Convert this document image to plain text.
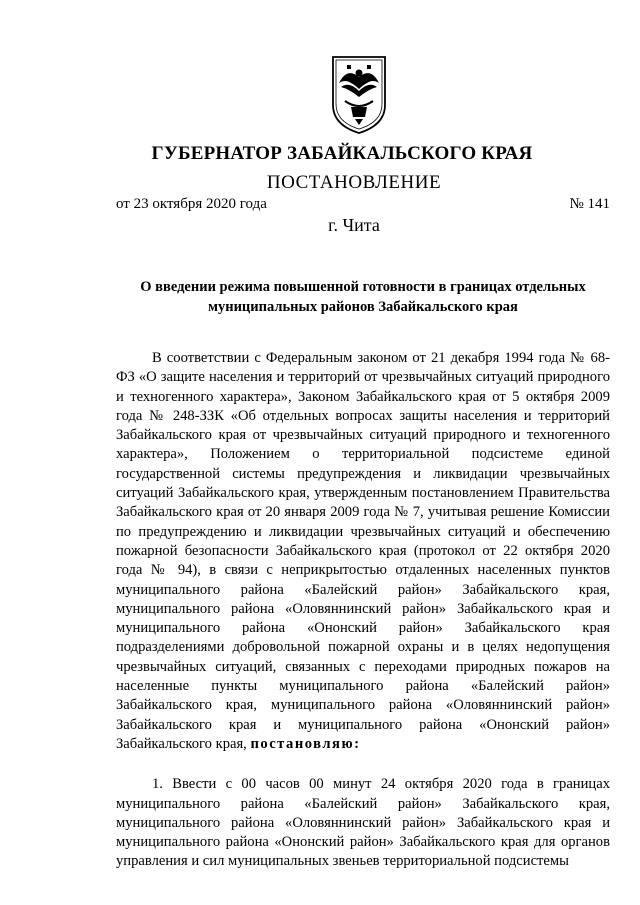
ГУБЕРНАТОР ЗАБАЙКАЛЬСКОГО КРАЯ
ПОСТАНОВЛЕНИЕ
от 23 октября 2020 года	№ 141
г. Чита
О введении режима повышенной готовности в границах отдельных
муниципальных районов Забайкальского края

В соответствии с Федеральным законом от 21 декабря 1994 года № 68-ФЗ «О защите населения и территорий от чрезвычайных ситуаций природного и техногенного характера», Законом Забайкальского края от 5 октября 2009 года № 248-ЗЗК «Об отдельных вопросах защиты населения и территорий Забайкальского края от чрезвычайных ситуаций природного и техногенного характера», Положением о территориальной подсистеме единой государственной системы предупреждения и ликвидации чрезвычайных ситуаций Забайкальского края, утвержденным постановлением Правительства Забайкальского края от 20 января 2009 года № 7, учитывая решение Комиссии по предупреждению и ликвидации чрезвычайных ситуаций и обеспечению пожарной безопасности Забайкальского края (протокол от 22 октября 2020 года № 94), в связи с неприкрытостью отдаленных населенных пунктов муниципального района «Балейский район» Забайкальского края, муниципального района «Оловяннинский район» Забайкальского края и муниципального района «Ононский район» Забайкальского края подразделениями добровольной пожарной охраны и в целях недопущения чрезвычайных ситуаций, связанных с переходами природных пожаров на населенные пункты муниципального района «Балейский район» Забайкальского края, муниципального района «Оловяннинский район» Забайкальского края и муниципального района «Ононский район» Забайкальского края, постановляю:

1. Ввести с 00 часов 00 минут 24 октября 2020 года в границах муниципального района «Балейский район» Забайкальского края, муниципального района «Оловяннинский район» Забайкальского края и муниципального района «Ононский район» Забайкальского края для органов управления и сил муниципальных звеньев территориальной подсистемы
